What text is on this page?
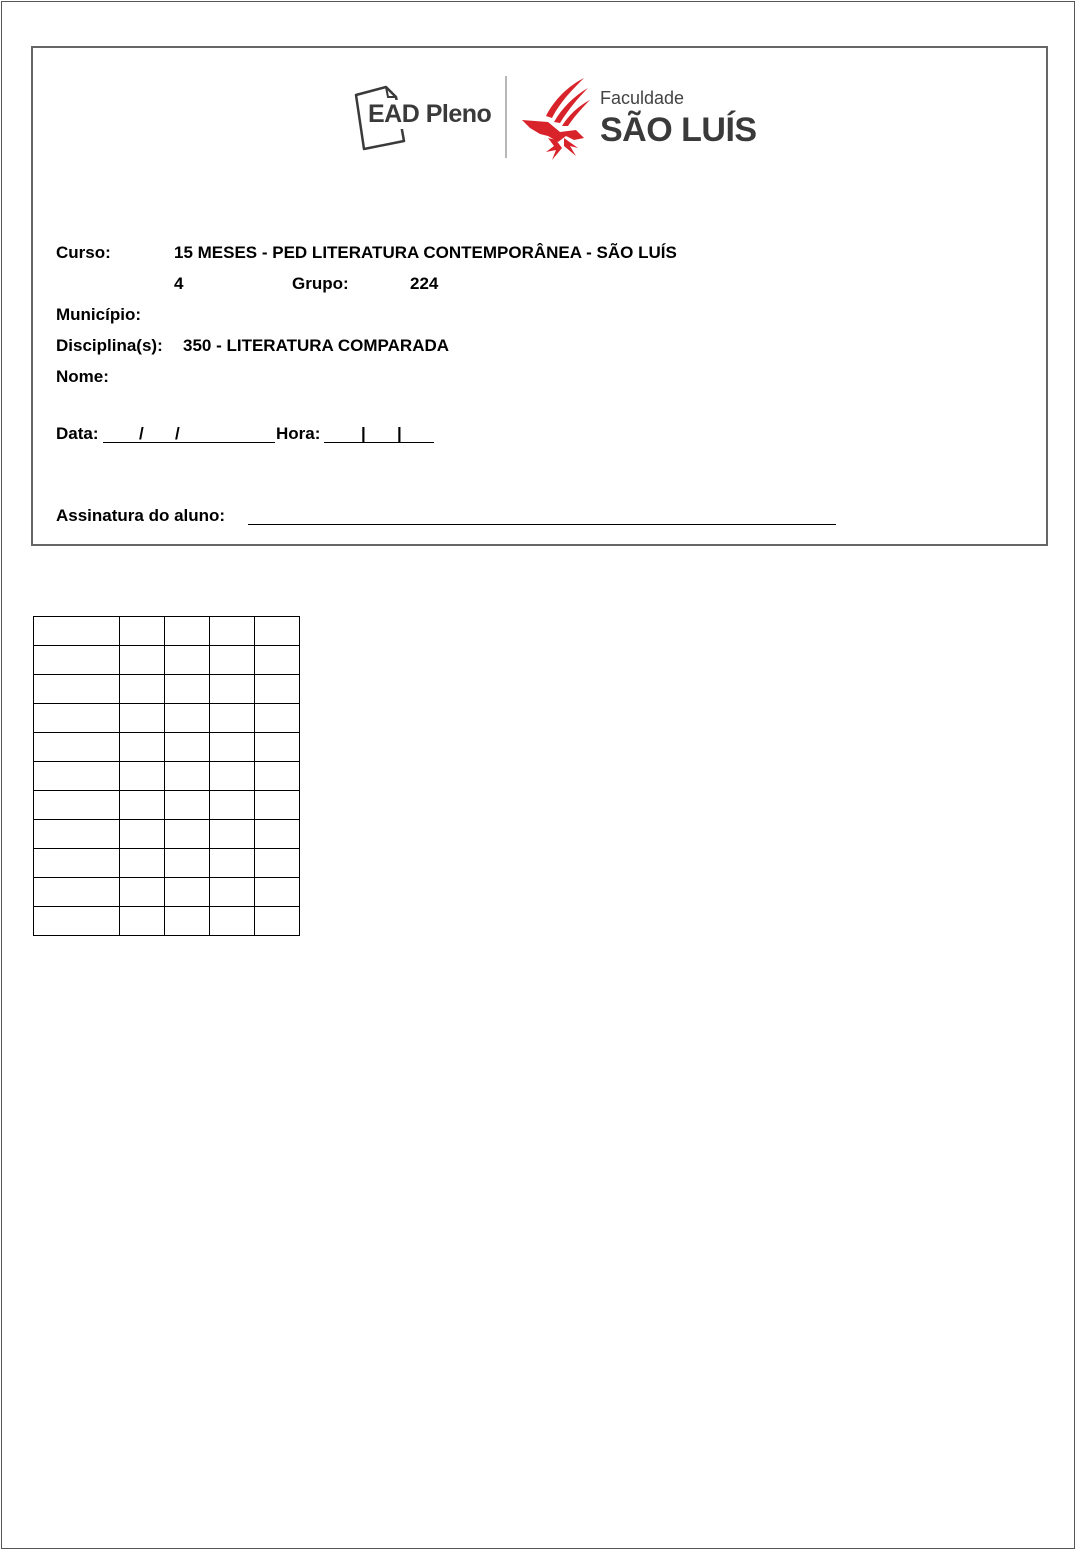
EAD Pleno
Faculdade
SÃO LUÍS
Curso:	15 MESES - PED LITERATURA CONTEMPORÂNEA - SÃO LUÍS
4	Grupo:	224
Município:
Disciplina(s): 350 - LITERATURA COMPARADA
Nome:
Data: / /	Hora: | |
Assinatura do aluno:
